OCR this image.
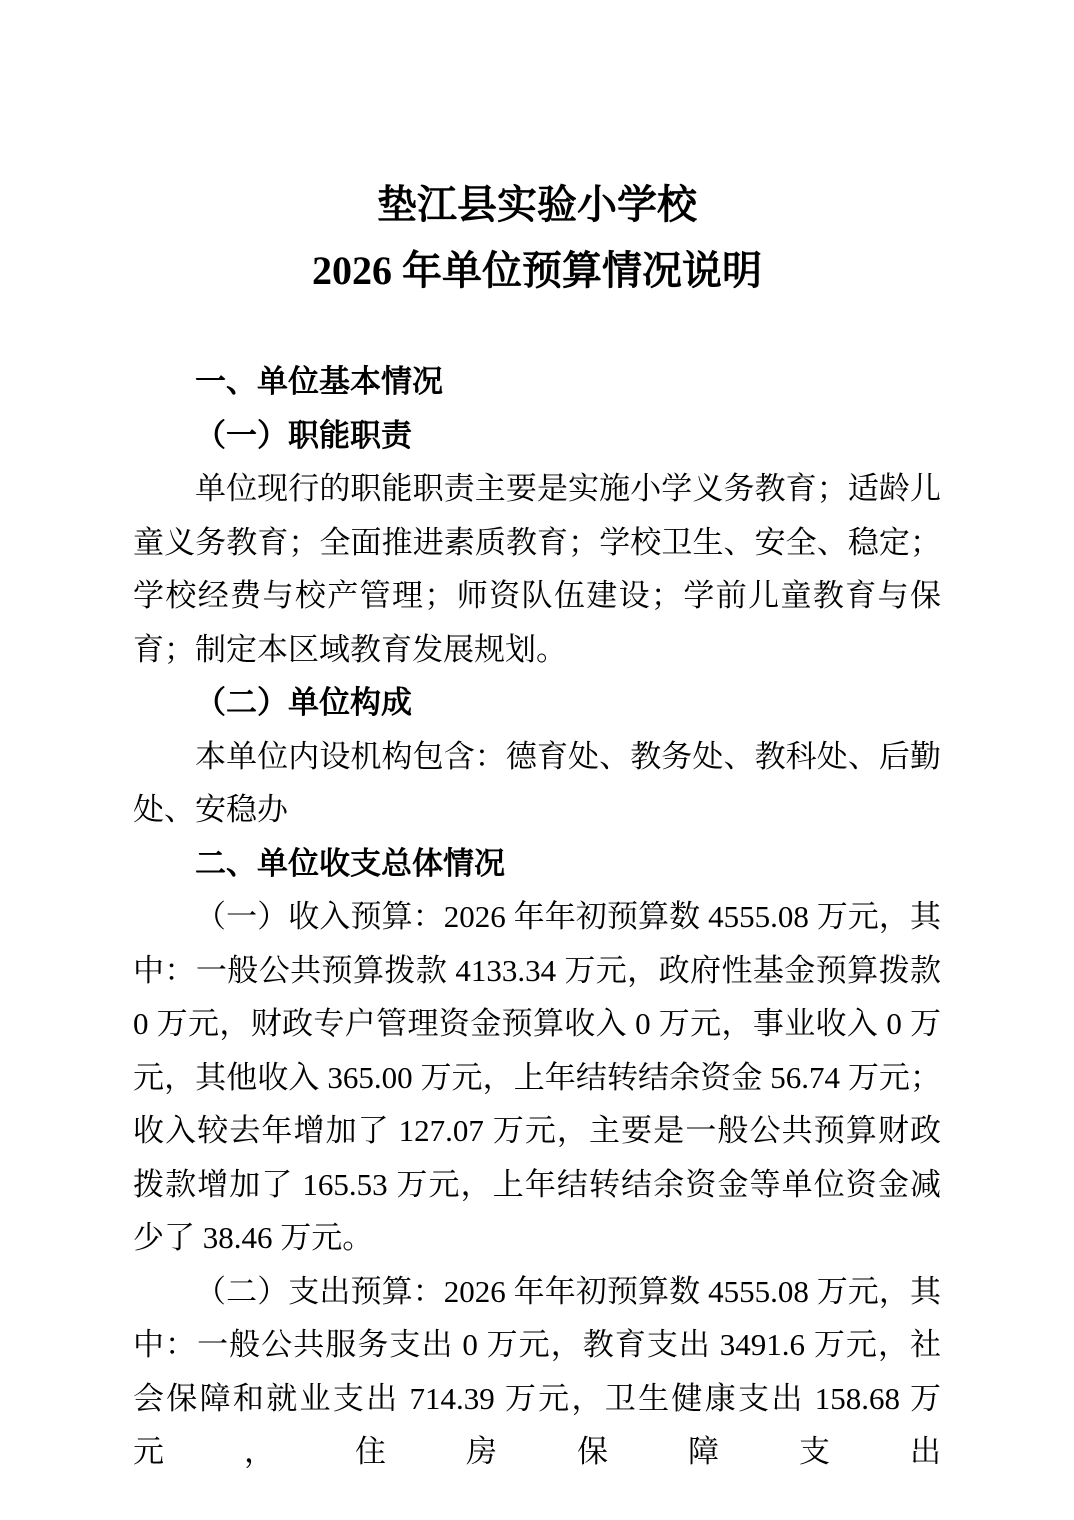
垫江县实验小学校
2026 年单位预算情况说明
一、单位基本情况
（一）职能职责
单位现行的职能职责主要是实施小学义务教育；适龄儿童义务教育；全面推进素质教育；学校卫生、安全、稳定；学校经费与校产管理；师资队伍建设；学前儿童教育与保育；制定本区域教育发展规划。
（二）单位构成
本单位内设机构包含：德育处、教务处、教科处、后勤处、安稳办
二、单位收支总体情况
（一）收入预算：2026 年年初预算数 4555.08 万元，其中：一般公共预算拨款 4133.34 万元，政府性基金预算拨款 0 万元，财政专户管理资金预算收入 0 万元，事业收入 0 万元，其他收入 365.00 万元，上年结转结余资金 56.74 万元；收入较去年增加了 127.07 万元，主要是一般公共预算财政拨款增加了 165.53 万元，上年结转结余资金等单位资金减少了 38.46 万元。
（二）支出预算：2026 年年初预算数 4555.08 万元，其中：一般公共服务支出 0 万元，教育支出 3491.6 万元，社会保障和就业支出 714.39 万元，卫生健康支出 158.68 万元，住房保障支出
